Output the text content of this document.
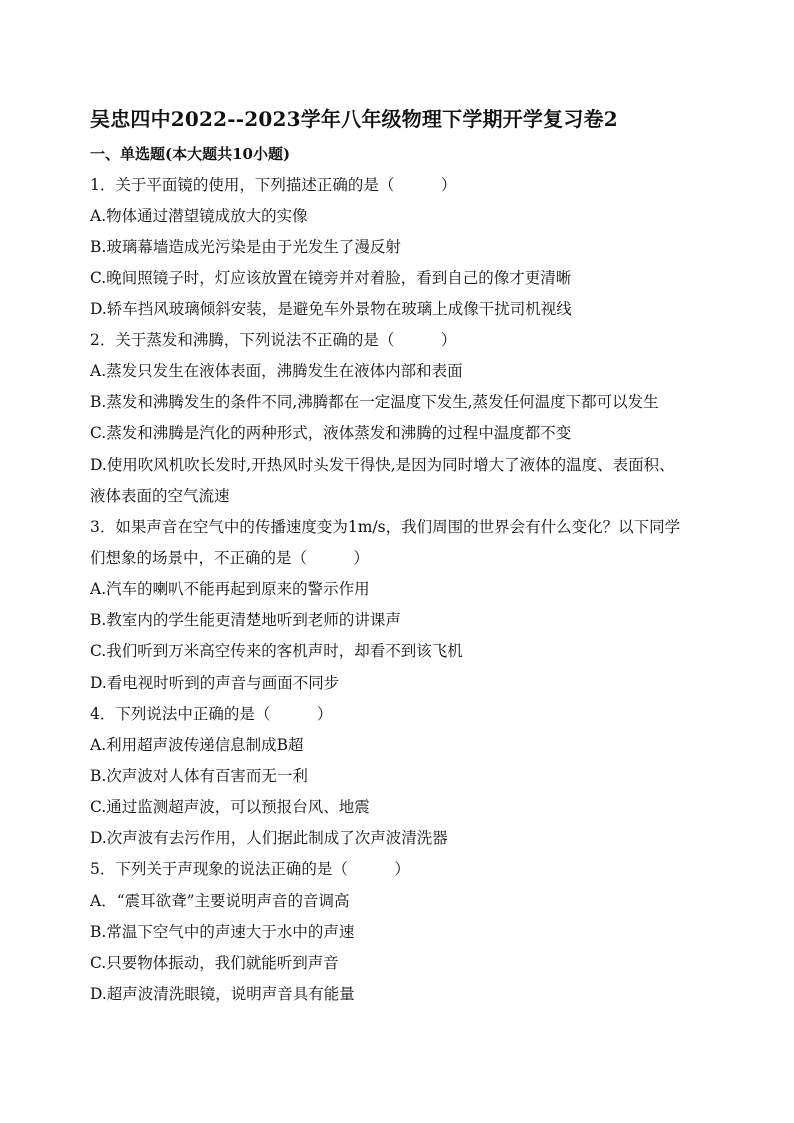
吴忠四中2022--2023学年八年级物理下学期开学复习卷2
一、单选题(本大题共10小题)
1．关于平面镜的使用，下列描述正确的是（　　　）
A.物体通过潜望镜成放大的实像
B.玻璃幕墙造成光污染是由于光发生了漫反射
C.晚间照镜子时，灯应该放置在镜旁并对着脸，看到自己的像才更清晰
D.轿车挡风玻璃倾斜安装，是避免车外景物在玻璃上成像干扰司机视线
2．关于蒸发和沸腾，下列说法不正确的是（　　　）
A.蒸发只发生在液体表面，沸腾发生在液体内部和表面
B.蒸发和沸腾发生的条件不同,沸腾都在一定温度下发生,蒸发任何温度下都可以发生
C.蒸发和沸腾是汽化的两种形式，液体蒸发和沸腾的过程中温度都不变
D.使用吹风机吹长发时,开热风时头发干得快,是因为同时增大了液体的温度、表面积、
液体表面的空气流速
3．如果声音在空气中的传播速度变为1m/s，我们周围的世界会有什么变化？以下同学
们想象的场景中，不正确的是（　　　）
A.汽车的喇叭不能再起到原来的警示作用
B.教室内的学生能更清楚地听到老师的讲课声
C.我们听到万米高空传来的客机声时，却看不到该飞机
D.看电视时听到的声音与画面不同步
4．下列说法中正确的是（　　　）
A.利用超声波传递信息制成B超
B.次声波对人体有百害而无一利
C.通过监测超声波，可以预报台风、地震
D.次声波有去污作用，人们据此制成了次声波清洗器
5．下列关于声现象的说法正确的是（　　　）
A．“震耳欲聋”主要说明声音的音调高
B.常温下空气中的声速大于水中的声速
C.只要物体振动，我们就能听到声音
D.超声波清洗眼镜，说明声音具有能量
